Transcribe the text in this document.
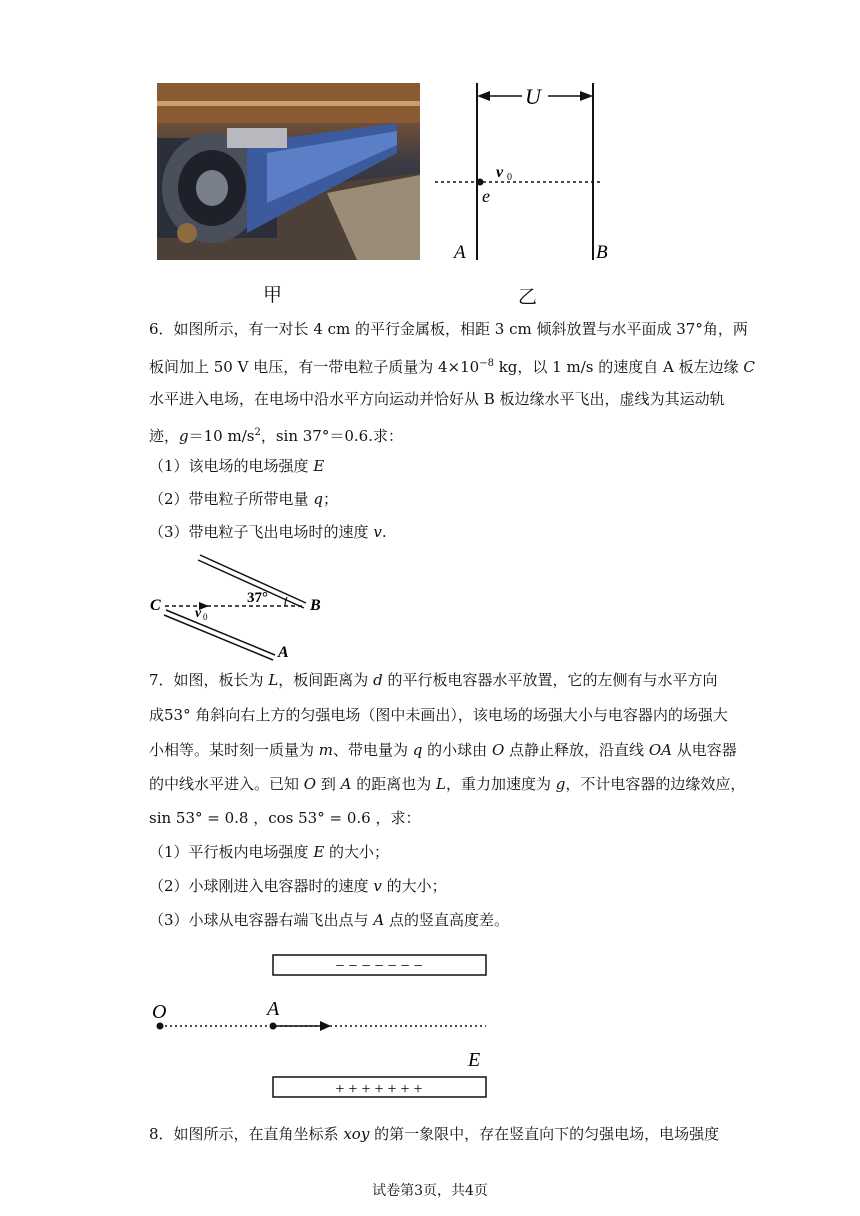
甲	乙
U
v 0
e
A	B
6．如图所示，有一对长 4 cm 的平行金属板，相距 3 cm 倾斜放置与水平面成 37°角，两
板间加上 50 V 电压，有一带电粒子质量为 $4\times 10^{-8}$ kg，以 1 m/s 的速度自 A 板左边缘 C
水平进入电场，在电场中沿水平方向运动并恰好从 B 板边缘水平飞出，虚线为其运动轨
迹，g＝10 $m/s^2$，sin 37°＝0.6.求：
（1）该电场的电场强度 E
（2）带电粒子所带电量 q；
（3）带电粒子飞出电场时的速度 v.
C	B
A
37°
v 0
7．如图，板长为 L，板间距离为 d 的平行板电容器水平放置，它的左侧有与水平方向
成53° 角斜向右上方的匀强电场（图中未画出），该电场的场强大小与电容器内的场强大
小相等。某时刻一质量为 m、带电量为 q 的小球由 O 点静止释放，沿直线 OA 从电容器
的中线水平进入。已知 O 到 A 的距离也为 L，重力加速度为 g，不计电容器的边缘效应，
sin 53° = 0.8 ，cos 53° = 0.6 ，求：
（1）平行板内电场强度 E 的大小；
（2）小球刚进入电容器时的速度 v 的大小；
（3）小球从电容器右端飞出点与 A 点的竖直高度差。
− − − − − − −
+ + + + + + +
O	A
E
8．如图所示，在直角坐标系 xoy 的第一象限中，存在竖直向下的匀强电场，电场强度
试卷第3页，共4页
